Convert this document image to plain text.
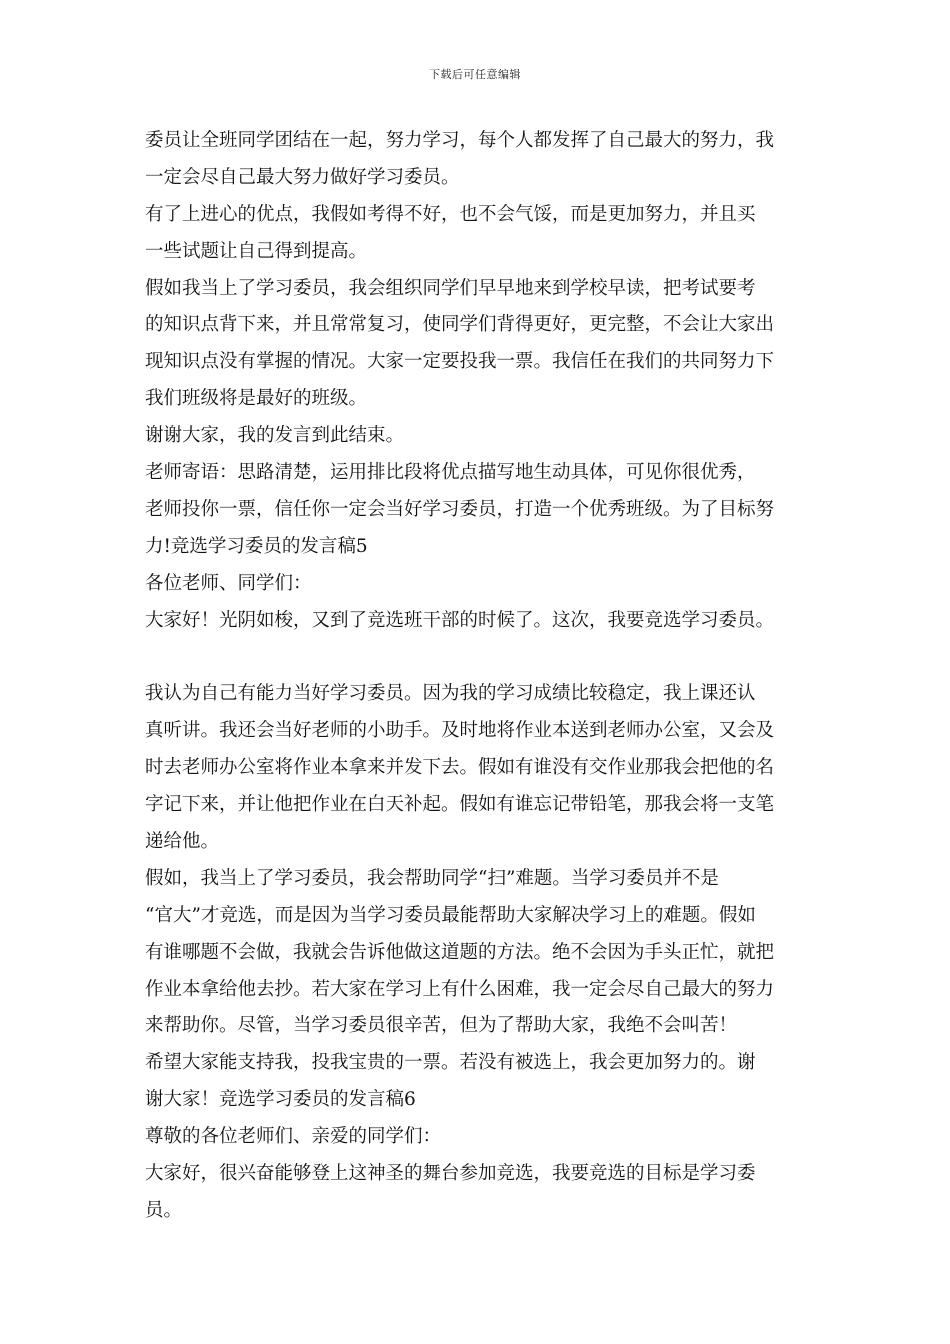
下载后可任意编辑
委员让全班同学团结在一起，努力学习，每个人都发挥了自己最大的努力，我
一定会尽自己最大努力做好学习委员。
有了上进心的优点，我假如考得不好，也不会气馁，而是更加努力，并且买
一些试题让自己得到提高。
假如我当上了学习委员，我会组织同学们早早地来到学校早读，把考试要考
的知识点背下来，并且常常复习，使同学们背得更好，更完整，不会让大家出
现知识点没有掌握的情况。大家一定要投我一票。我信任在我们的共同努力下
我们班级将是最好的班级。
谢谢大家，我的发言到此结束。
老师寄语：思路清楚，运用排比段将优点描写地生动具体，可见你很优秀，
老师投你一票，信任你一定会当好学习委员，打造一个优秀班级。为了目标努
力!竞选学习委员的发言稿5
各位老师、同学们：
大家好！光阴如梭，又到了竞选班干部的时候了。这次，我要竞选学习委员。
我认为自己有能力当好学习委员。因为我的学习成绩比较稳定，我上课还认
真听讲。我还会当好老师的小助手。及时地将作业本送到老师办公室，又会及
时去老师办公室将作业本拿来并发下去。假如有谁没有交作业那我会把他的名
字记下来，并让他把作业在白天补起。假如有谁忘记带铅笔，那我会将一支笔
递给他。
假如，我当上了学习委员，我会帮助同学“扫”难题。当学习委员并不是
“官大”才竞选，而是因为当学习委员最能帮助大家解决学习上的难题。假如
有谁哪题不会做，我就会告诉他做这道题的方法。绝不会因为手头正忙，就把
作业本拿给他去抄。若大家在学习上有什么困难，我一定会尽自己最大的努力
来帮助你。尽管，当学习委员很辛苦，但为了帮助大家，我绝不会叫苦！
希望大家能支持我，投我宝贵的一票。若没有被选上，我会更加努力的。谢
谢大家！竞选学习委员的发言稿6
尊敬的各位老师们、亲爱的同学们：
大家好，很兴奋能够登上这神圣的舞台参加竞选，我要竞选的目标是学习委
员。
